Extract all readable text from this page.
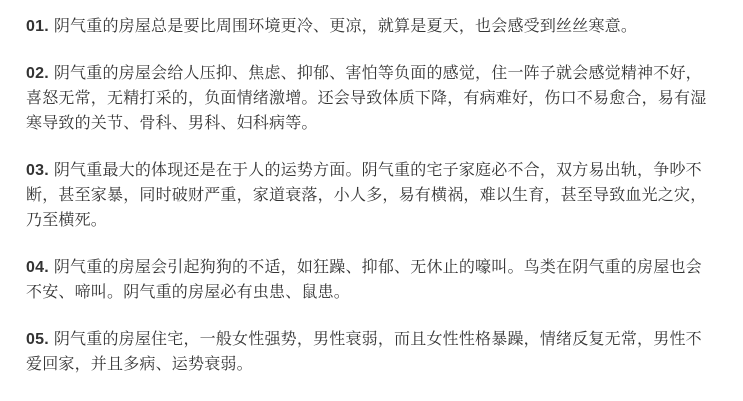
01. 阴气重的房屋总是要比周围环境更冷、更凉，就算是夏天，也会感受到丝丝寒意。

02. 阴气重的房屋会给人压抑、焦虑、抑郁、害怕等负面的感觉，住一阵子就会感觉精神不好，喜怒无常，无精打采的，负面情绪激增。还会导致体质下降，有病难好，伤口不易愈合，易有湿寒导致的关节、骨科、男科、妇科病等。

03. 阴气重最大的体现还是在于人的运势方面。阴气重的宅子家庭必不合，双方易出轨，争吵不断，甚至家暴，同时破财严重，家道衰落，小人多，易有横祸，难以生育，甚至导致血光之灾，乃至横死。

04. 阴气重的房屋会引起狗狗的不适，如狂躁、抑郁、无休止的嚎叫。鸟类在阴气重的房屋也会不安、啼叫。阴气重的房屋必有虫患、鼠患。

05. 阴气重的房屋住宅，一般女性强势，男性衰弱，而且女性性格暴躁，情绪反复无常，男性不爱回家，并且多病、运势衰弱。
